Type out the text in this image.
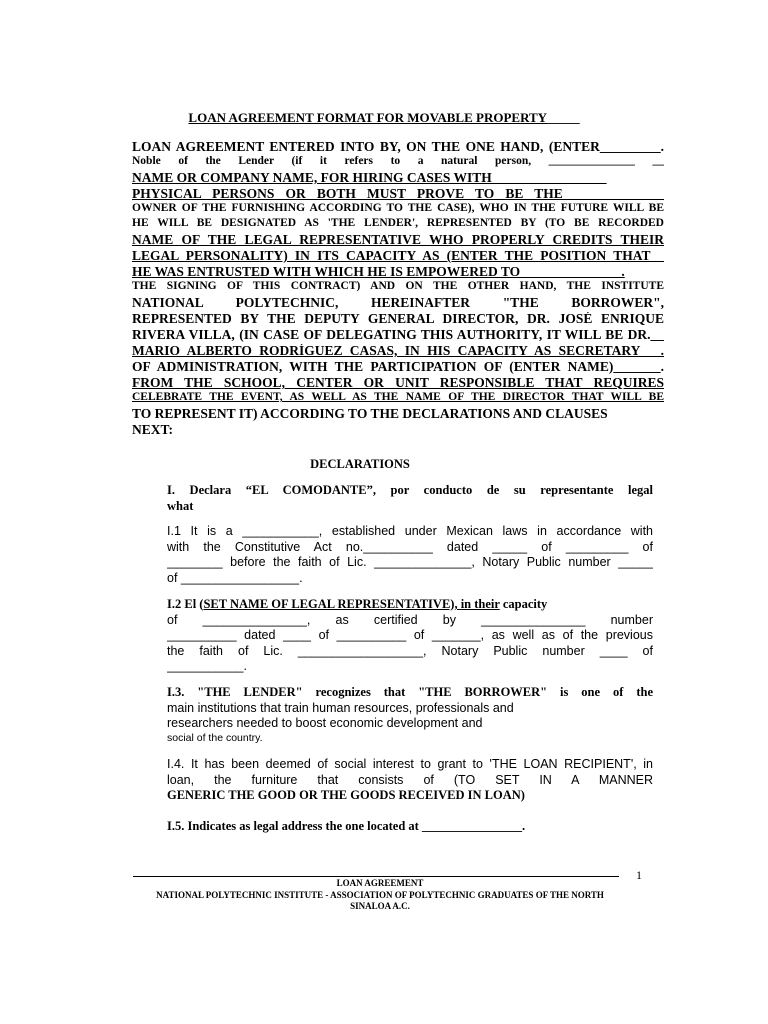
LOAN AGREEMENT FORMAT FOR MOVABLE PROPERTY_____
LOAN AGREEMENT ENTERED INTO BY, ON THE ONE HAND, (ENTER_________.
Noble of the Lender (if it refers to a natural person, _______________ __
NAME OR COMPANY NAME, FOR HIRING CASES WITH_________________
PHYSICAL PERSONS OR BOTH MUST PROVE TO BE THE_______________
OWNER OF THE FURNISHING ACCORDING TO THE CASE), WHO IN THE FUTURE WILL BE
HE WILL BE DESIGNATED AS 'THE LENDER', REPRESENTED BY (TO BE RECORDED
NAME OF THE LEGAL REPRESENTATIVE WHO PROPERLY CREDITS THEIR
LEGAL PERSONALITY) IN ITS CAPACITY AS (ENTER THE POSITION THAT__
HE WAS ENTRUSTED WITH WHICH HE IS EMPOWERED TO_______________.
THE SIGNING OF THIS CONTRACT) AND ON THE OTHER HAND, THE INSTITUTE
NATIONAL POLYTECHNIC, HEREINAFTER "THE BORROWER",
REPRESENTED BY THE DEPUTY GENERAL DIRECTOR, DR. JOSÉ ENRIQUE
RIVERA VILLA, (IN CASE OF DELEGATING THIS AUTHORITY, IT WILL BE DR.__
MARIO ALBERTO RODRÍGUEZ CASAS, IN HIS CAPACITY AS SECRETARY___.
OF ADMINISTRATION, WITH THE PARTICIPATION OF (ENTER NAME)_______.
FROM THE SCHOOL, CENTER OR UNIT RESPONSIBLE THAT REQUIRES
CELEBRATE THE EVENT, AS WELL AS THE NAME OF THE DIRECTOR THAT WILL BE
TO REPRESENT IT) ACCORDING TO THE DECLARATIONS AND CLAUSES
NEXT:
DECLARATIONS
I. Declara “EL COMODANTE”, por conducto de su representante legal
what
I.1 It is a ___________, established under Mexican laws in accordance with
with the Constitutive Act no.__________ dated _____ of _________ of
________ before the faith of Lic. ______________, Notary Public number _____
of _________________.
I.2 El (SET NAME OF LEGAL REPRESENTATIVE), in their capacity
of _______________, as certified by _______________ number
__________ dated ____ of __________ of _______, as well as of the previous
the faith of Lic. __________________, Notary Public number ____ of
___________.
I.3. "THE LENDER" recognizes that "THE BORROWER" is one of the
main institutions that train human resources, professionals and
researchers needed to boost economic development and
social of the country.
I.4. It has been deemed of social interest to grant to 'THE LOAN RECIPIENT', in
loan, the furniture that consists of (TO SET IN A MANNER
GENERIC THE GOOD OR THE GOODS RECEIVED IN LOAN)
I.5. Indicates as legal address the one located at ________________.
1
LOAN AGREEMENT
NATIONAL POLYTECHNIC INSTITUTE - ASSOCIATION OF POLYTECHNIC GRADUATES OF THE NORTH
SINALOA A.C.
